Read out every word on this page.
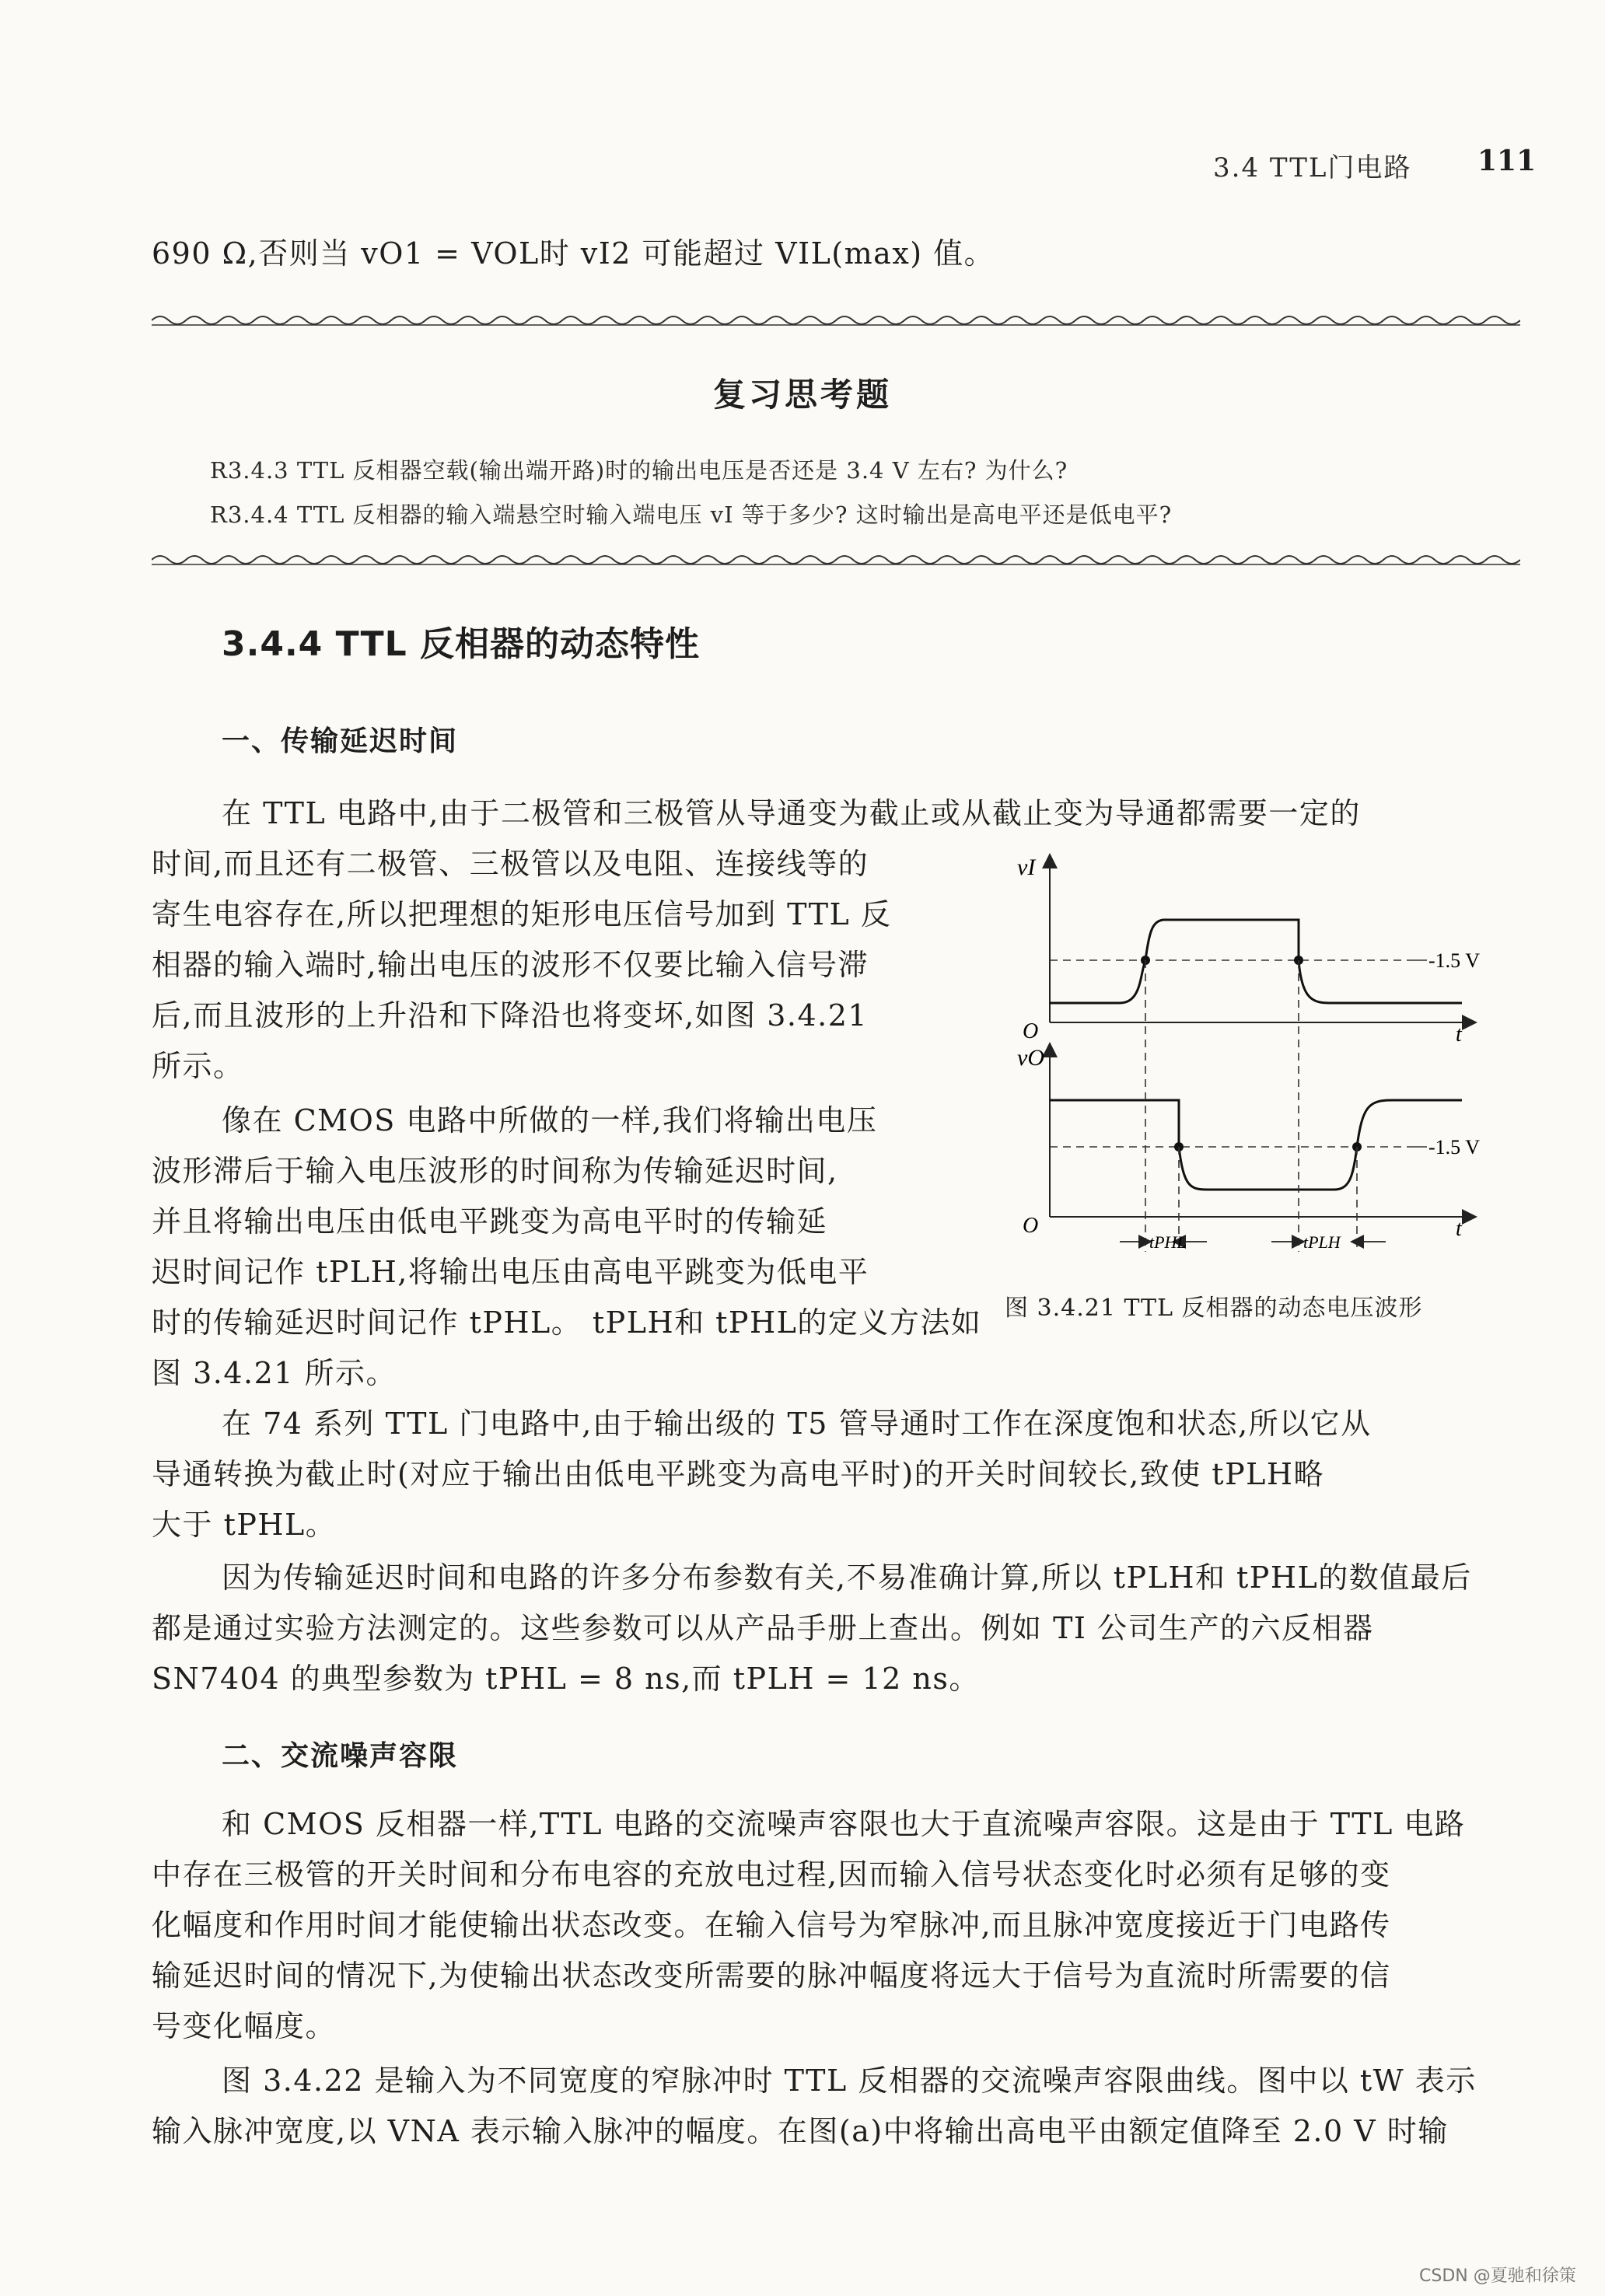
3.4 TTL门电路 111
690 Ω,否则当 vO1 = VOL时 vI2 可能超过 VIL(max) 值。
复习思考题
R3.4.3 TTL 反相器空载(输出端开路)时的输出电压是否还是 3.4 V 左右? 为什么?
R3.4.4 TTL 反相器的输入端悬空时输入端电压 vI 等于多少? 这时输出是高电平还是低电平?
3.4.4 TTL 反相器的动态特性
一、传输延迟时间
在 TTL 电路中,由于二极管和三极管从导通变为截止或从截止变为导通都需要一定的
时间,而且还有二极管、三极管以及电阻、连接线等的
寄生电容存在,所以把理想的矩形电压信号加到 TTL 反
相器的输入端时,输出电压的波形不仅要比输入信号滞
后,而且波形的上升沿和下降沿也将变坏,如图 3.4.21
所示。
像在 CMOS 电路中所做的一样,我们将输出电压
波形滞后于输入电压波形的时间称为传输延迟时间,
并且将输出电压由低电平跳变为高电平时的传输延
迟时间记作 tPLH,将输出电压由高电平跳变为低电平
时的传输延迟时间记作 tPHL。 tPLH和 tPHL的定义方法如
图 3.4.21 所示。
vI
-1.5 V
O	t
vO
-1.5 V
O	t
tPHL	tPLH
图 3.4.21 TTL 反相器的动态电压波形
在 74 系列 TTL 门电路中,由于输出级的 T5 管导通时工作在深度饱和状态,所以它从
导通转换为截止时(对应于输出由低电平跳变为高电平时)的开关时间较长,致使 tPLH略
大于 tPHL。
因为传输延迟时间和电路的许多分布参数有关,不易准确计算,所以 tPLH和 tPHL的数值最后
都是通过实验方法测定的。这些参数可以从产品手册上查出。例如 TI 公司生产的六反相器
SN7404 的典型参数为 tPHL = 8 ns,而 tPLH = 12 ns。
二、交流噪声容限
和 CMOS 反相器一样,TTL 电路的交流噪声容限也大于直流噪声容限。这是由于 TTL 电路
中存在三极管的开关时间和分布电容的充放电过程,因而输入信号状态变化时必须有足够的变
化幅度和作用时间才能使输出状态改变。在输入信号为窄脉冲,而且脉冲宽度接近于门电路传
输延迟时间的情况下,为使输出状态改变所需要的脉冲幅度将远大于信号为直流时所需要的信
号变化幅度。
图 3.4.22 是输入为不同宽度的窄脉冲时 TTL 反相器的交流噪声容限曲线。图中以 tW 表示
输入脉冲宽度,以 VNA 表示输入脉冲的幅度。在图(a)中将输出高电平由额定值降至 2.0 V 时输
CSDN @夏驰和徐策
